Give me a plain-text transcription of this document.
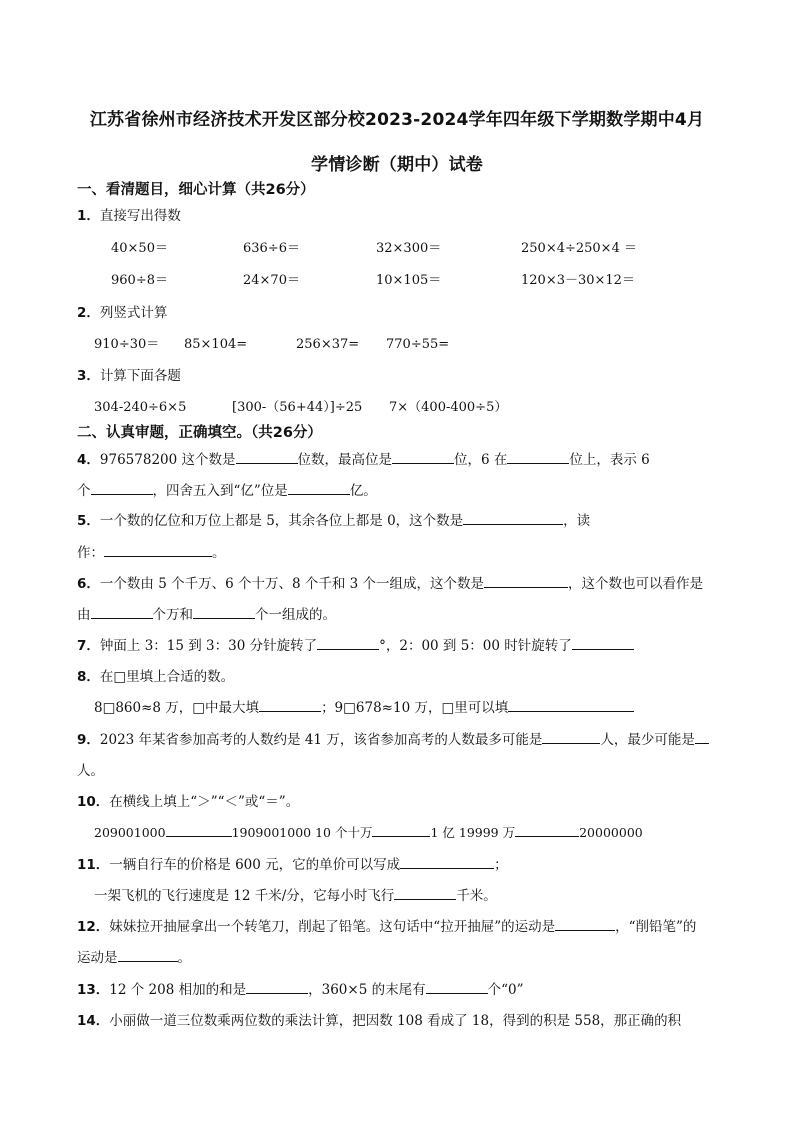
江苏省徐州市经济技术开发区部分校2023-2024学年四年级下学期数学期中4月
学情诊断（期中）试卷
一、看清题目，细心计算（共26分）
1．直接写出得数
40×50＝	636÷6＝	32×300＝	250×4÷250×4 ＝
960÷8＝	24×70＝	10×105＝	120×3－30×12＝
2．列竖式计算
910÷30＝ 85×104=	256×37= 770÷55=
3．计算下面各题
304-240÷6×5	[300-（56+44）]÷25 7×（400-400÷5）
二、认真审题，正确填空。（共26分）
4．976578200 这个数是	位数，最高位是	位，6 在	位上，表示 6
个	，四舍五入到“亿”位是	亿。
5．一个数的亿位和万位上都是 5，其余各位上都是 0，这个数是	，读
作：	。
6．一个数由 5 个千万、6 个十万、8 个千和 3 个一组成，这个数是	，这个数也可以看作是
由	个万和	个一组成的。
7．钟面上 3：15 到 3：30 分针旋转了	°，2：00 到 5：00 时针旋转了
8．在□里填上合适的数。
8□860≈8 万，□中最大填	；9□678≈10 万，□里可以填
9．2023 年某省参加高考的人数约是 41 万，该省参加高考的人数最多可能是	人，最少可能是
人。
10．在横线上填上“＞”“＜”或“＝”。
209001000	1909001000 10 个十万	1 亿 19999 万	20000000
11．一辆自行车的价格是 600 元，它的单价可以写成	；
一架飞机的飞行速度是 12 千米/分，它每小时飞行	千米。
12．妹妹拉开抽屉拿出一个转笔刀，削起了铅笔。这句话中“拉开抽屉”的运动是	，“削铅笔”的
运动是	。
13．12 个 208 相加的和是	，360×5 的末尾有	个“0”
14．小丽做一道三位数乘两位数的乘法计算，把因数 108 看成了 18，得到的积是 558，那正确的积
